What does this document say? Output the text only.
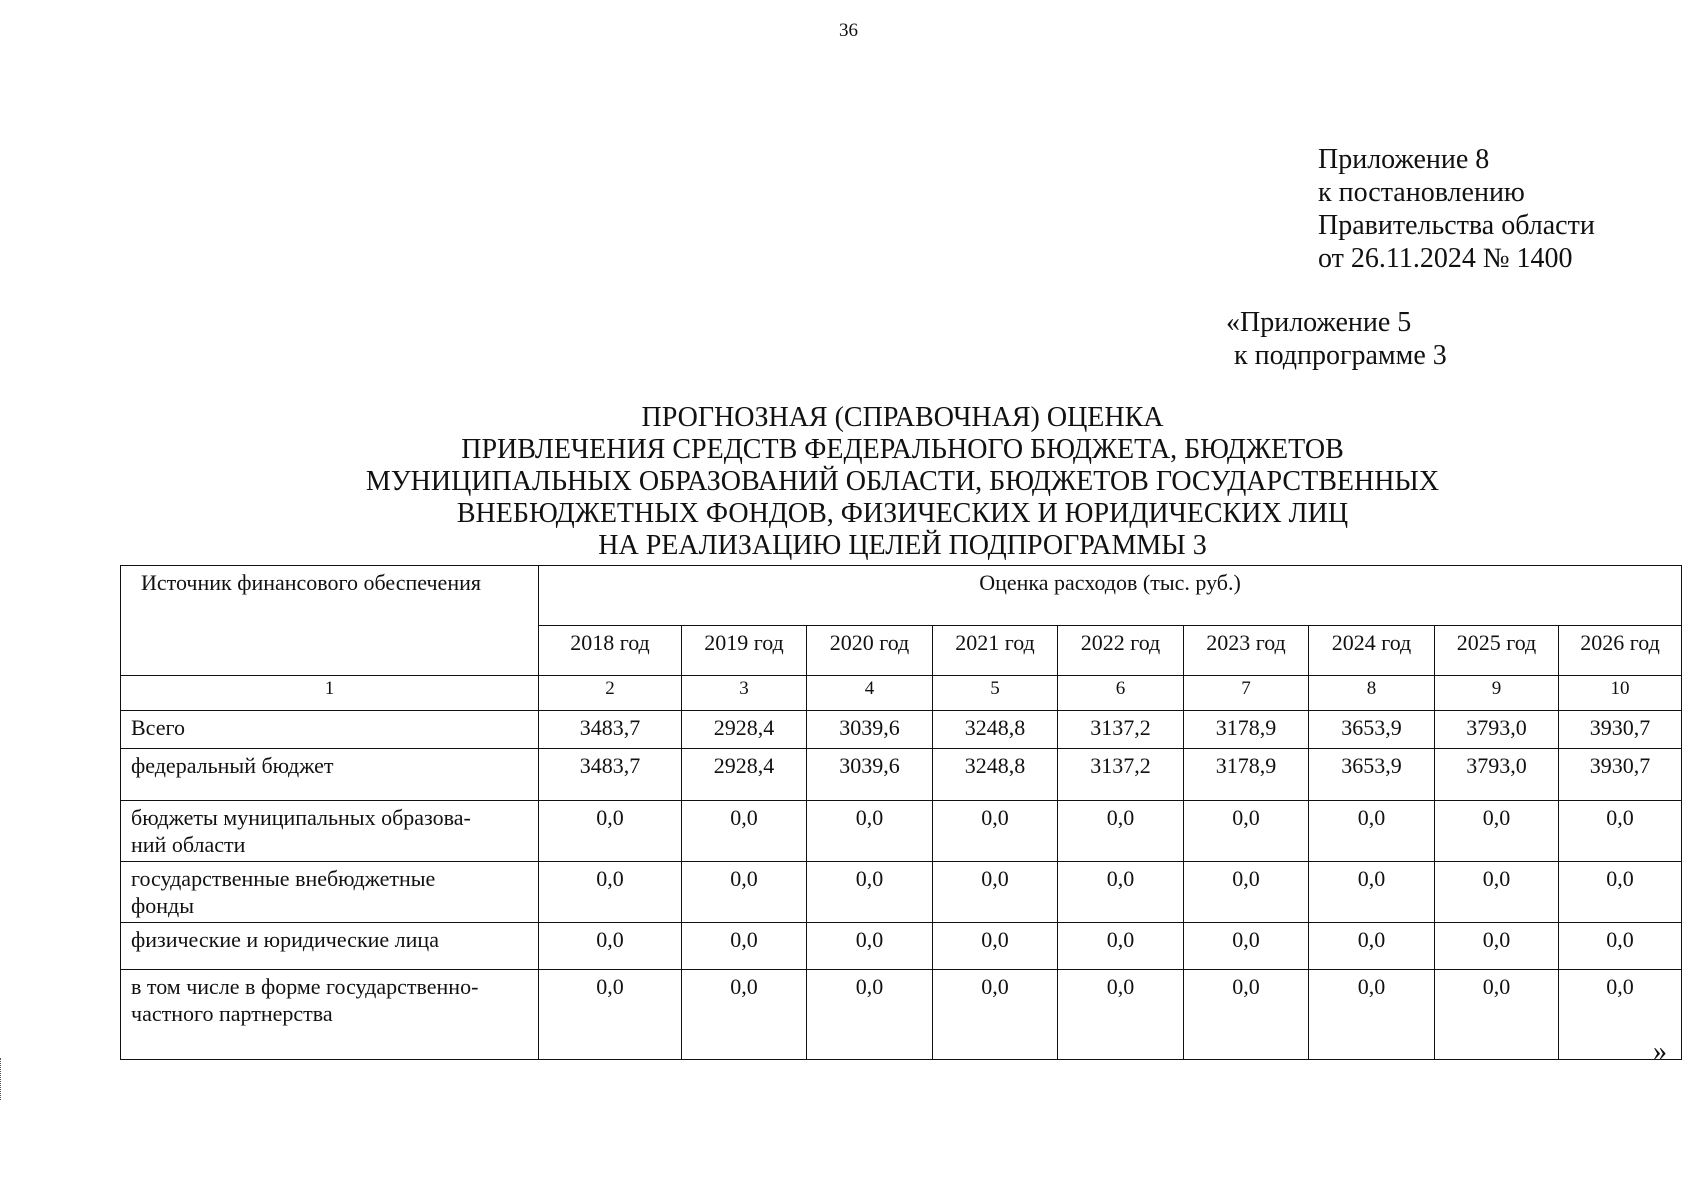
36
Приложение 8
к постановлению
Правительства области
от 26.11.2024 № 1400
«Приложение 5
к подпрограмме 3
ПРОГНОЗНАЯ (СПРАВОЧНАЯ) ОЦЕНКА
ПРИВЛЕЧЕНИЯ СРЕДСТВ ФЕДЕРАЛЬНОГО БЮДЖЕТА, БЮДЖЕТОВ
МУНИЦИПАЛЬНЫХ ОБРАЗОВАНИЙ ОБЛАСТИ, БЮДЖЕТОВ ГОСУДАРСТВЕННЫХ
ВНЕБЮДЖЕТНЫХ ФОНДОВ, ФИЗИЧЕСКИХ И ЮРИДИЧЕСКИХ ЛИЦ
НА РЕАЛИЗАЦИЮ ЦЕЛЕЙ ПОДПРОГРАММЫ 3
Источник финансового обеспечения	Оценка расходов (тыс. руб.)								
	2018 год	2019 год	2020 год	2021 год	2022 год	2023 год	2024 год	2025 год	2026 год
1	2	3	4	5	6	7	8	9	10
Всего	3483,7	2928,4	3039,6	3248,8	3137,2	3178,9	3653,9	3793,0	3930,7
федеральный бюджет	3483,7	2928,4	3039,6	3248,8	3137,2	3178,9	3653,9	3793,0	3930,7
бюджеты муниципальных образова-
ний области	0,0	0,0	0,0	0,0	0,0	0,0	0,0	0,0	0,0
государственные внебюджетные
фонды	0,0	0,0	0,0	0,0	0,0	0,0	0,0	0,0	0,0
физические и юридические лица	0,0	0,0	0,0	0,0	0,0	0,0	0,0	0,0	0,0
в том числе в форме государственно-
частного партнерства	0,0	0,0	0,0	0,0	0,0	0,0	0,0	0,0	0,0
»
